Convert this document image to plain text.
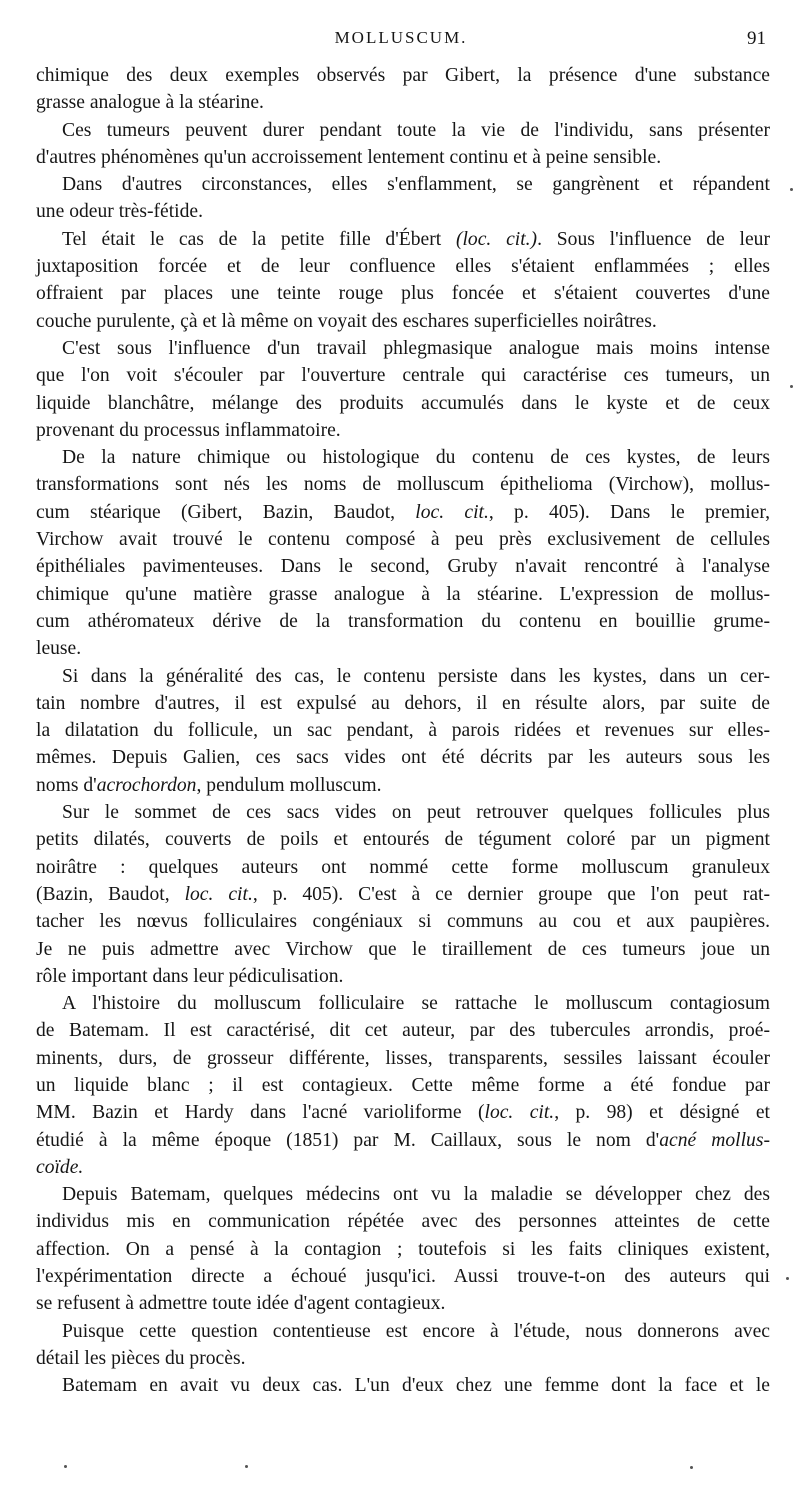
MOLLUSCUM.	91
chimique des deux exemples observés par Gibert, la présence d'une substance
grasse analogue à la stéarine.
Ces tumeurs peuvent durer pendant toute la vie de l'individu, sans présenter
d'autres phénomènes qu'un accroissement lentement continu et à peine sensible.
Dans d'autres circonstances, elles s'enflamment, se gangrènent et répandent
une odeur très-fétide.
Tel était le cas de la petite fille d'Ébert (loc. cit.). Sous l'influence de leur
juxtaposition forcée et de leur confluence elles s'étaient enflammées ; elles
offraient par places une teinte rouge plus foncée et s'étaient couvertes d'une
couche purulente, çà et là même on voyait des eschares superficielles noirâtres.
C'est sous l'influence d'un travail phlegmasique analogue mais moins intense
que l'on voit s'écouler par l'ouverture centrale qui caractérise ces tumeurs, un
liquide blanchâtre, mélange des produits accumulés dans le kyste et de ceux
provenant du processus inflammatoire.
De la nature chimique ou histologique du contenu de ces kystes, de leurs
transformations sont nés les noms de molluscum épithelioma (Virchow), mollus-
cum stéarique (Gibert, Bazin, Baudot, loc. cit., p. 405). Dans le premier,
Virchow avait trouvé le contenu composé à peu près exclusivement de cellules
épithéliales pavimenteuses. Dans le second, Gruby n'avait rencontré à l'analyse
chimique qu'une matière grasse analogue à la stéarine. L'expression de mollus-
cum athéromateux dérive de la transformation du contenu en bouillie grume-
leuse.
Si dans la généralité des cas, le contenu persiste dans les kystes, dans un cer-
tain nombre d'autres, il est expulsé au dehors, il en résulte alors, par suite de
la dilatation du follicule, un sac pendant, à parois ridées et revenues sur elles-
mêmes. Depuis Galien, ces sacs vides ont été décrits par les auteurs sous les
noms d'acrochordon, pendulum molluscum.
Sur le sommet de ces sacs vides on peut retrouver quelques follicules plus
petits dilatés, couverts de poils et entourés de tégument coloré par un pigment
noirâtre : quelques auteurs ont nommé cette forme molluscum granuleux
(Bazin, Baudot, loc. cit., p. 405). C'est à ce dernier groupe que l'on peut rat-
tacher les nœvus folliculaires congéniaux si communs au cou et aux paupières.
Je ne puis admettre avec Virchow que le tiraillement de ces tumeurs joue un
rôle important dans leur pédiculisation.
A l'histoire du molluscum folliculaire se rattache le molluscum contagiosum
de Batemam. Il est caractérisé, dit cet auteur, par des tubercules arrondis, proé-
minents, durs, de grosseur différente, lisses, transparents, sessiles laissant écouler
un liquide blanc ; il est contagieux. Cette même forme a été fondue par
MM. Bazin et Hardy dans l'acné varioliforme (loc. cit., p. 98) et désigné et
étudié à la même époque (1851) par M. Caillaux, sous le nom d'acné mollus-
coïde.
Depuis Batemam, quelques médecins ont vu la maladie se développer chez des
individus mis en communication répétée avec des personnes atteintes de cette
affection. On a pensé à la contagion ; toutefois si les faits cliniques existent,
l'expérimentation directe a échoué jusqu'ici. Aussi trouve-t-on des auteurs qui
se refusent à admettre toute idée d'agent contagieux.
Puisque cette question contentieuse est encore à l'étude, nous donnerons avec
détail les pièces du procès.
Batemam en avait vu deux cas. L'un d'eux chez une femme dont la face et le
